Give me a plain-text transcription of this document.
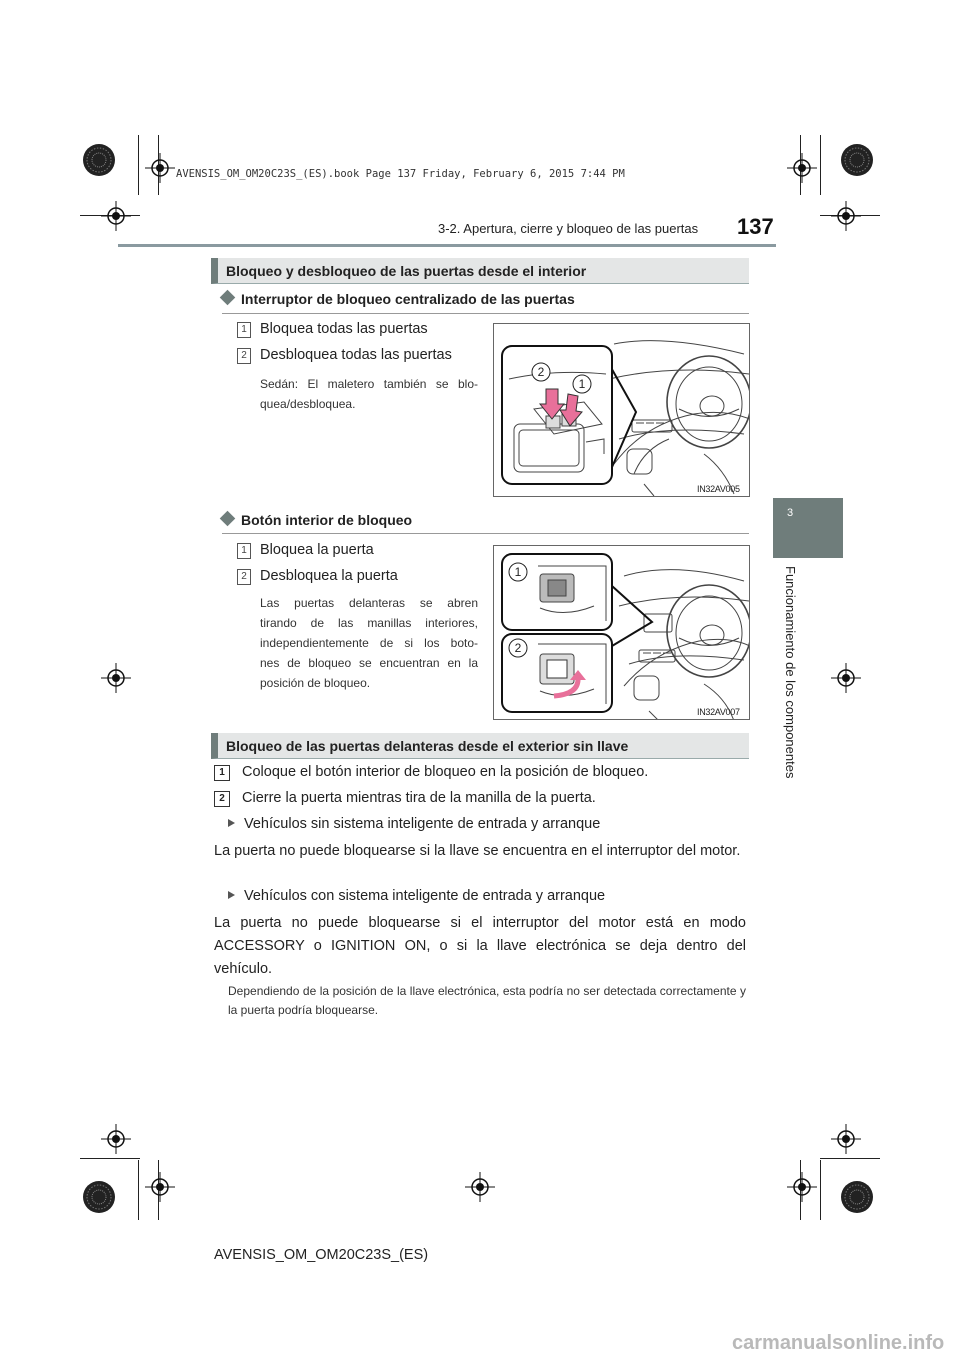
AVENSIS_OM_OM20C23S_(ES).book Page 137 Friday, February 6, 2015 7:44 PM
3-2. Apertura, cierre y bloqueo de las puertas 137
3
Funcionamiento de los componentes
Bloqueo y desbloqueo de las puertas desde el interior
Interruptor de bloqueo centralizado de las puertas
1 Bloquea todas las puertas
2 Desbloquea todas las puertas
Sedán: El maletero también se blo-
quea/desbloquea.
2
1
IN32AV005
Botón interior de bloqueo
1 Bloquea la puerta
2 Desbloquea la puerta
Las puertas delanteras se abren
tirando de las manillas interiores,
independientemente de si los boto-
nes de bloqueo se encuentran en la
posición de bloqueo.
1
2
IN32AV007
Bloqueo de las puertas delanteras desde el exterior sin llave
1	Coloque el botón interior de bloqueo en la posición de bloqueo.
2	Cierre la puerta mientras tira de la manilla de la puerta.
Vehículos sin sistema inteligente de entrada y arranque
La puerta no puede bloquearse si la llave se encuentra en el interruptor del motor.
Vehículos con sistema inteligente de entrada y arranque
La puerta no puede bloquearse si el interruptor del motor está en modo ACCESSORY o IGNITION ON, o si la llave electrónica se deja dentro del vehículo.
Dependiendo de la posición de la llave electrónica, esta podría no ser detectada correctamente y la puerta podría bloquearse.
AVENSIS_OM_OM20C23S_(ES)
carmanualsonline.info
